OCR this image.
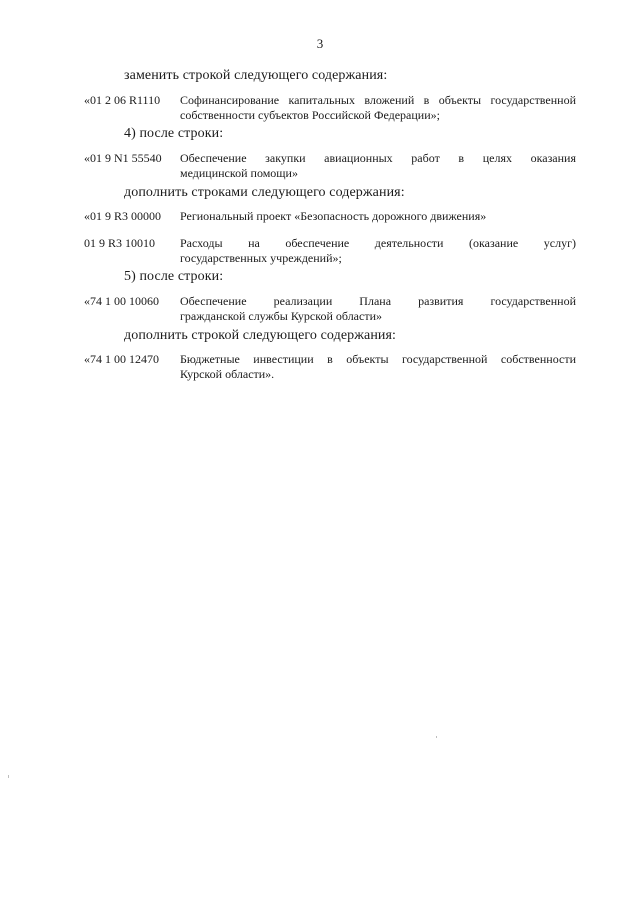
3
заменить строкой следующего содержания:
«01 2 06 R1110	Софинансирование капитальных вложений в объекты государственной
собственности субъектов Российской Федерации»;
4) после строки:
«01 9 N1 55540	Обеспечение закупки авиационных работ в целях оказания
медицинской помощи»
дополнить строками следующего содержания:
«01 9 R3 00000	Региональный проект «Безопасность дорожного движения»
01 9 R3 10010	Расходы на обеспечение деятельности (оказание услуг)
государственных учреждений»;
5) после строки:
«74 1 00 10060	Обеспечение реализации Плана развития государственной
гражданской службы Курской области»
дополнить строкой следующего содержания:
«74 1 00 12470	Бюджетные инвестиции в объекты государственной собственности
Курской области».
